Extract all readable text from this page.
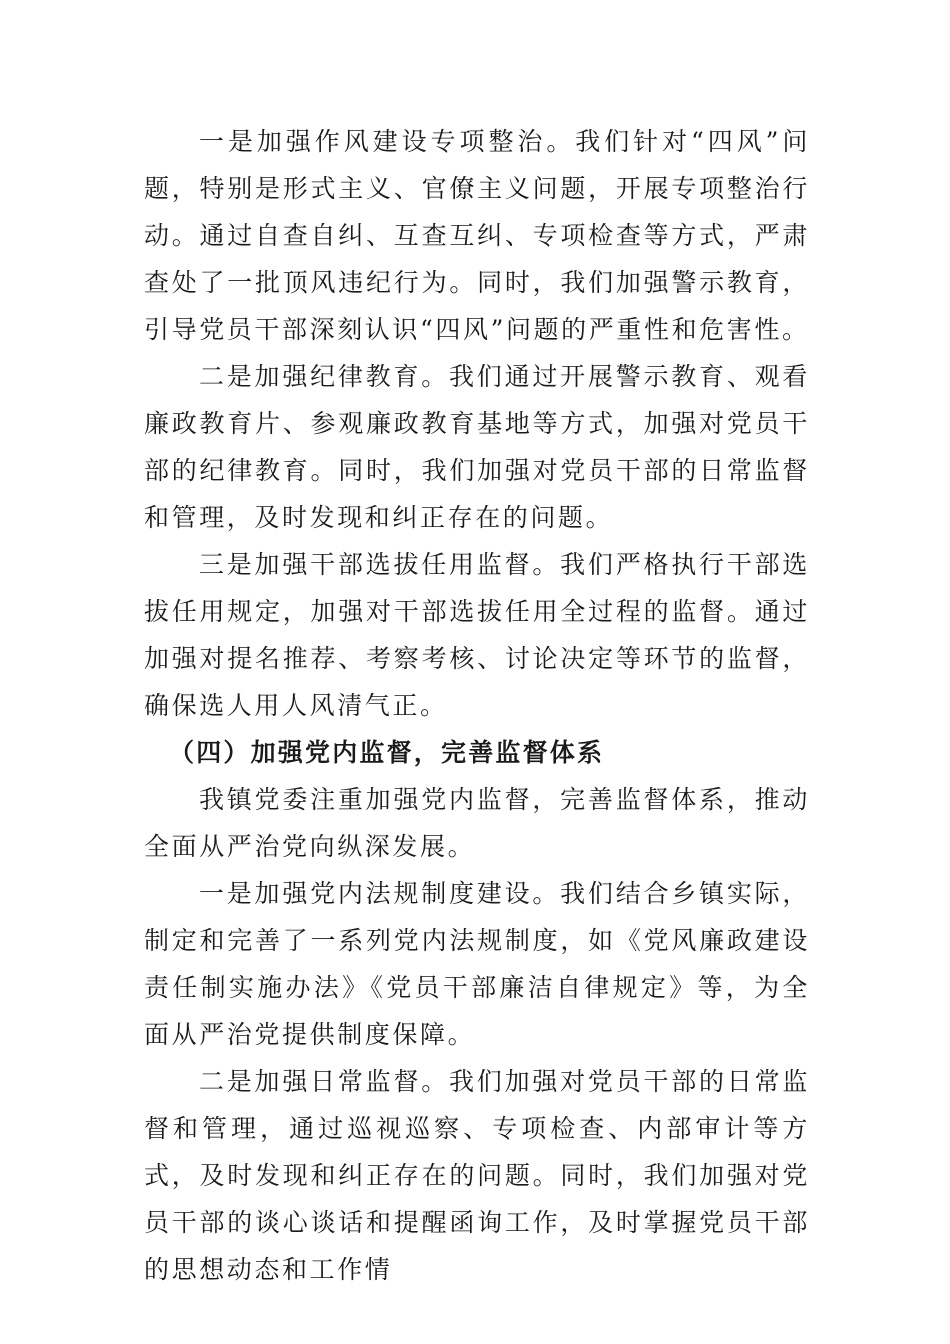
一是加强作风建设专项整治。我们针对“四风”问题，特别是形式主义、官僚主义问题，开展专项整治行动。通过自查自纠、互查互纠、专项检查等方式，严肃查处了一批顶风违纪行为。同时，我们加强警示教育，引导党员干部深刻认识“四风”问题的严重性和危害性。

二是加强纪律教育。我们通过开展警示教育、观看廉政教育片、参观廉政教育基地等方式，加强对党员干部的纪律教育。同时，我们加强对党员干部的日常监督和管理，及时发现和纠正存在的问题。

三是加强干部选拔任用监督。我们严格执行干部选拔任用规定，加强对干部选拔任用全过程的监督。通过加强对提名推荐、考察考核、讨论决定等环节的监督，确保选人用人风清气正。

（四）加强党内监督，完善监督体系

我镇党委注重加强党内监督，完善监督体系，推动全面从严治党向纵深发展。

一是加强党内法规制度建设。我们结合乡镇实际，制定和完善了一系列党内法规制度，如《党风廉政建设责任制实施办法》《党员干部廉洁自律规定》等，为全面从严治党提供制度保障。

二是加强日常监督。我们加强对党员干部的日常监督和管理，通过巡视巡察、专项检查、内部审计等方式，及时发现和纠正存在的问题。同时，我们加强对党员干部的谈心谈话和提醒函询工作，及时掌握党员干部的思想动态和工作情
